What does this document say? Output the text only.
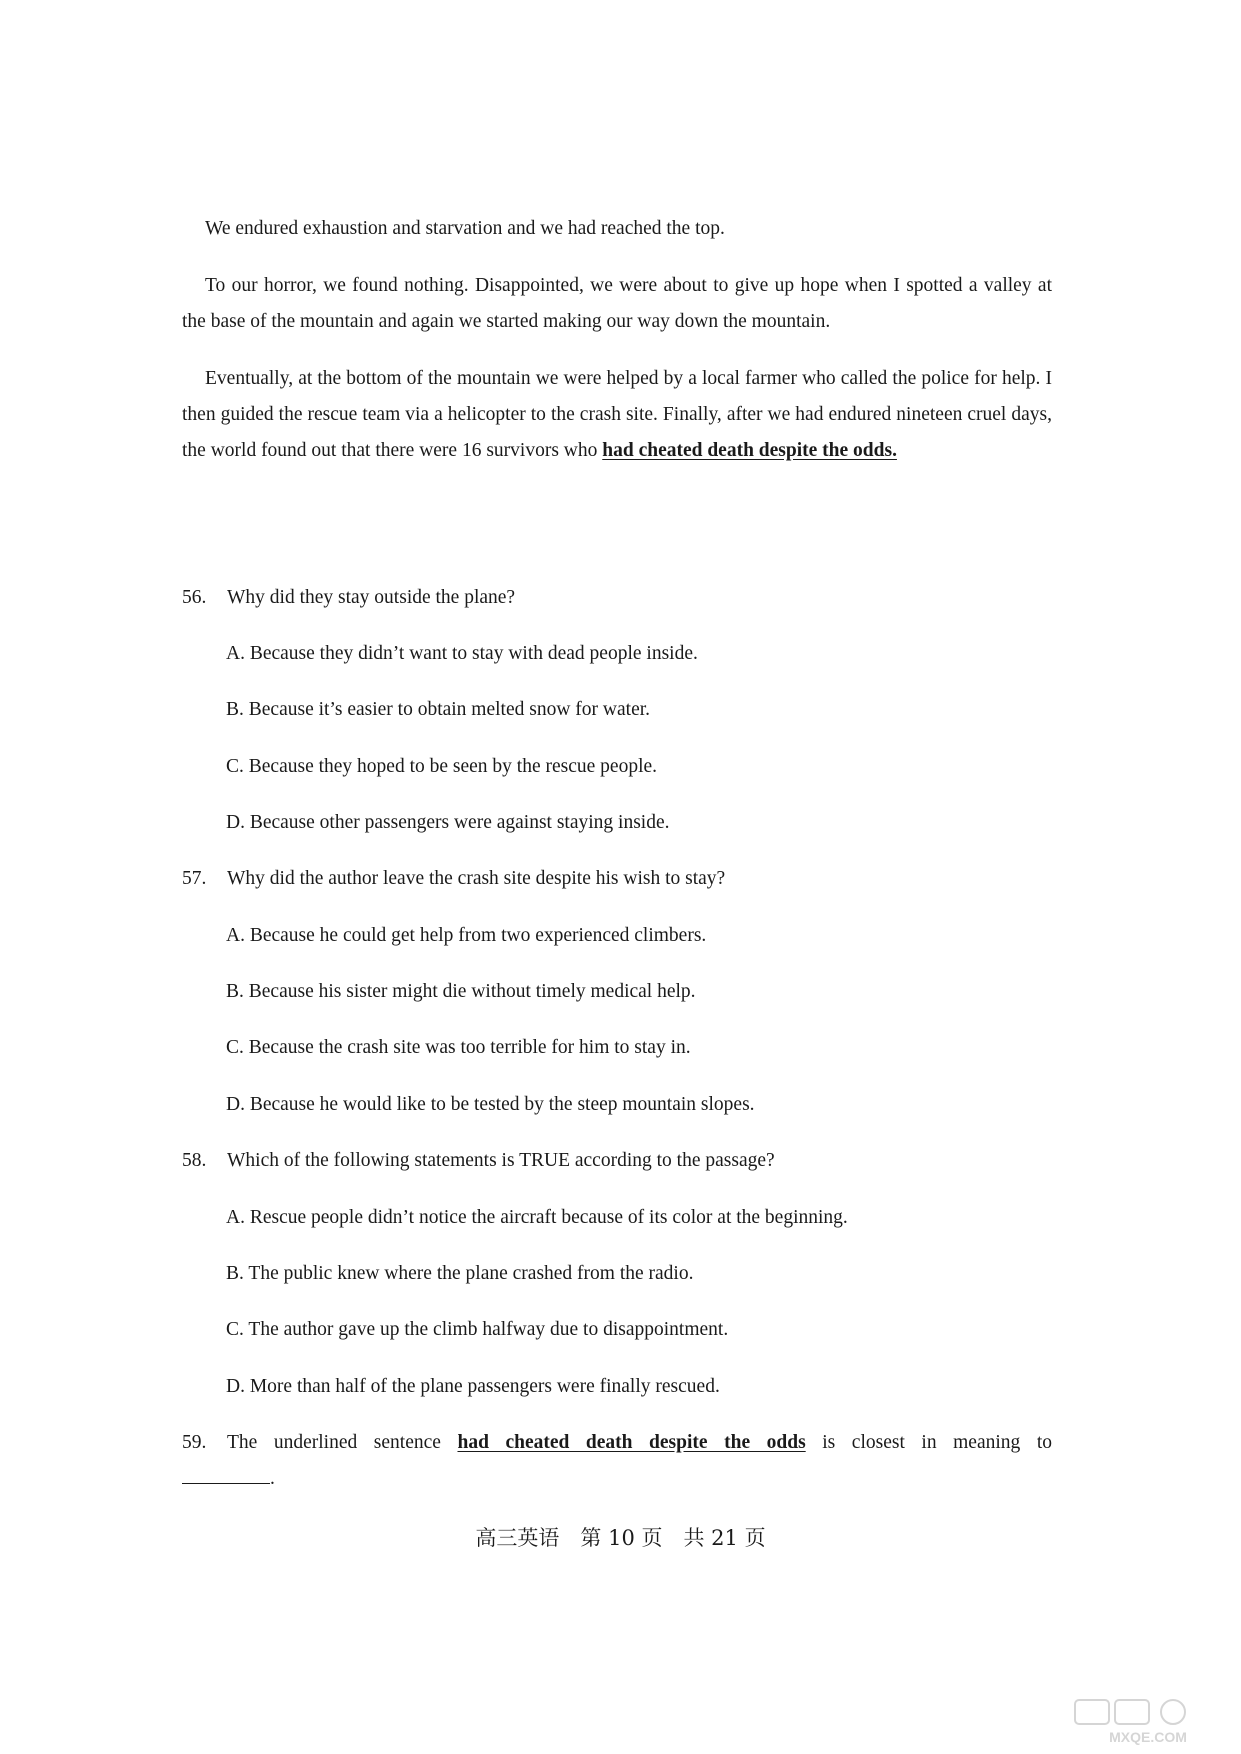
We endured exhaustion and starvation and we had reached the top.

To our horror, we found nothing. Disappointed, we were about to give up hope when I spotted a valley at the base of the mountain and again we started making our way down the mountain.

Eventually, at the bottom of the mountain we were helped by a local farmer who called the police for help. I then guided the rescue team via a helicopter to the crash site. Finally, after we had endured nineteen cruel days, the world found out that there were 16 survivors who had cheated death despite the odds.

56. Why did they stay outside the plane?

A. Because they didn’t want to stay with dead people inside.

B. Because it’s easier to obtain melted snow for water.

C. Because they hoped to be seen by the rescue people.

D. Because other passengers were against staying inside.

57. Why did the author leave the crash site despite his wish to stay?

A. Because he could get help from two experienced climbers.

B. Because his sister might die without timely medical help.

C. Because the crash site was too terrible for him to stay in.

D. Because he would like to be tested by the steep mountain slopes.

58. Which of the following statements is TRUE according to the passage?

A. Rescue people didn’t notice the aircraft because of its color at the beginning.

B. The public knew where the plane crashed from the radio.

C. The author gave up the climb halfway due to disappointment.

D. More than half of the plane passengers were finally rescued.

59. The underlined sentence had cheated death despite the odds is closest in meaning to

.

高三英语　第 10 页　共 21 页
MXQE.COM
